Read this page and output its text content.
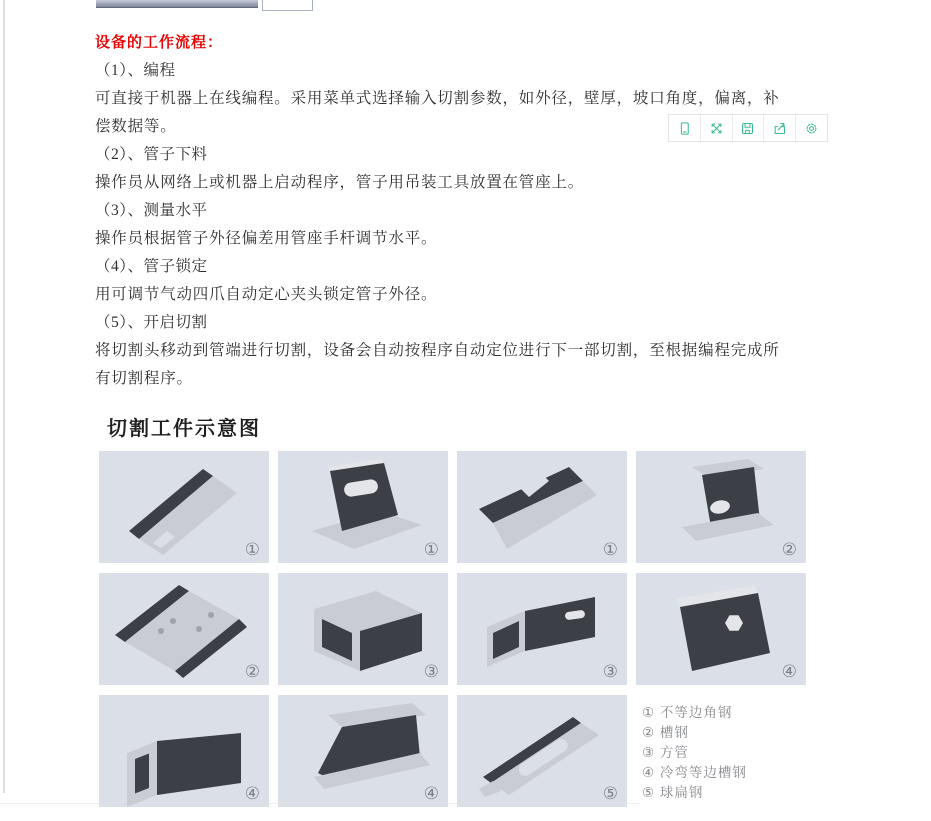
设备的工作流程：
（1）、编程
可直接于机器上在线编程。采用菜单式选择输入切割参数，如外径，壁厚，坡口角度，偏离，补偿数据等。
（2）、管子下料
操作员从网络上或机器上启动程序，管子用吊装工具放置在管座上。
（3）、测量水平
操作员根据管子外径偏差用管座手杆调节水平。
（4）、管子锁定
用可调节气动四爪自动定心夹头锁定管子外径。
（5）、开启切割
将切割头移动到管端进行切割，设备会自动按程序自动定位进行下一部切割，至根据编程完成所有切割程序。
切割工件示意图
①	①	①	②
②	③	③	④
④	④	⑤
① 不等边角钢
② 槽钢
③ 方管
④ 冷弯等边槽钢
⑤ 球扁钢
